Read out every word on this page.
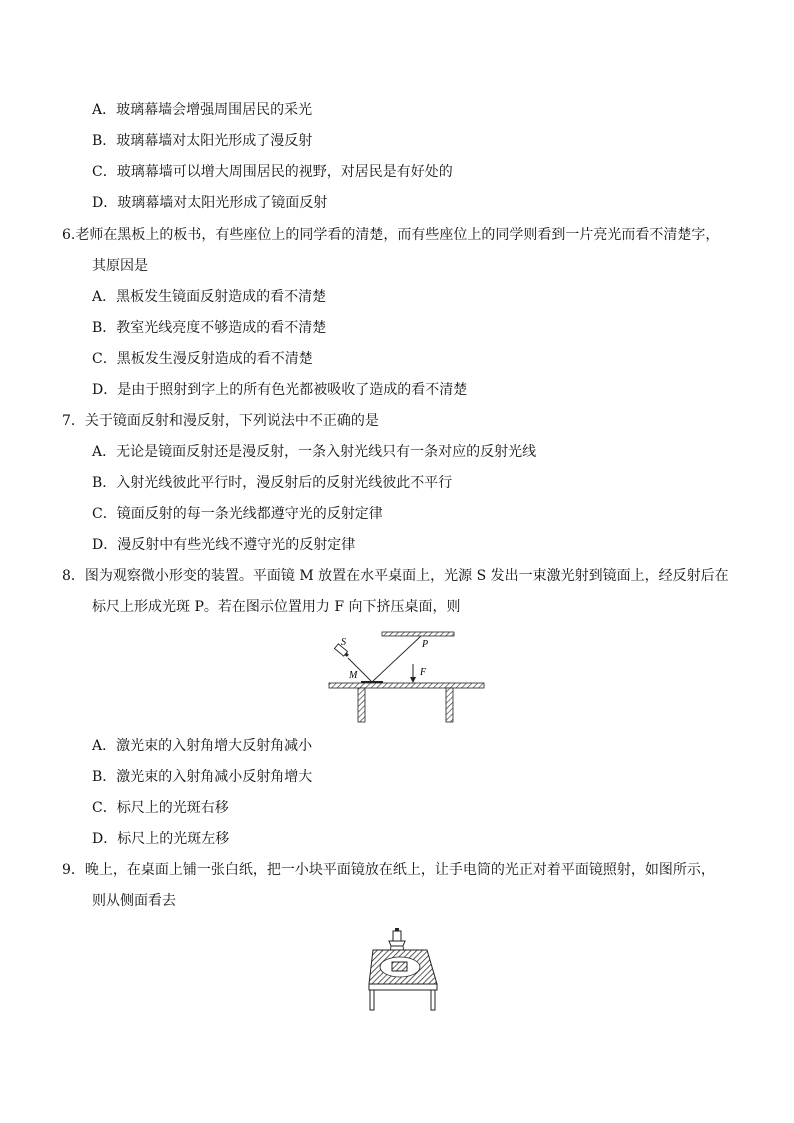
A．玻璃幕墙会增强周围居民的采光
B．玻璃幕墙对太阳光形成了漫反射
C．玻璃幕墙可以增大周围居民的视野，对居民是有好处的
D．玻璃幕墙对太阳光形成了镜面反射
6.老师在黑板上的板书，有些座位上的同学看的清楚，而有些座位上的同学则看到一片亮光而看不清楚字，
其原因是
A．黑板发生镜面反射造成的看不清楚
B．教室光线亮度不够造成的看不清楚
C．黑板发生漫反射造成的看不清楚
D．是由于照射到字上的所有色光都被吸收了造成的看不清楚
7．关于镜面反射和漫反射，下列说法中不正确的是
A．无论是镜面反射还是漫反射，一条入射光线只有一条对应的反射光线
B．入射光线彼此平行时，漫反射后的反射光线彼此不平行
C．镜面反射的每一条光线都遵守光的反射定律
D．漫反射中有些光线不遵守光的反射定律
8．图为观察微小形变的装置。平面镜 M 放置在水平桌面上，光源 S 发出一束激光射到镜面上，经反射后在
标尺上形成光斑 P。若在图示位置用力 F 向下挤压桌面，则
S
M
P
F
A．激光束的入射角增大反射角减小
B．激光束的入射角减小反射角增大
C．标尺上的光斑右移
D．标尺上的光斑左移
9．晚上，在桌面上铺一张白纸，把一小块平面镜放在纸上，让手电筒的光正对着平面镜照射，如图所示，
则从侧面看去
